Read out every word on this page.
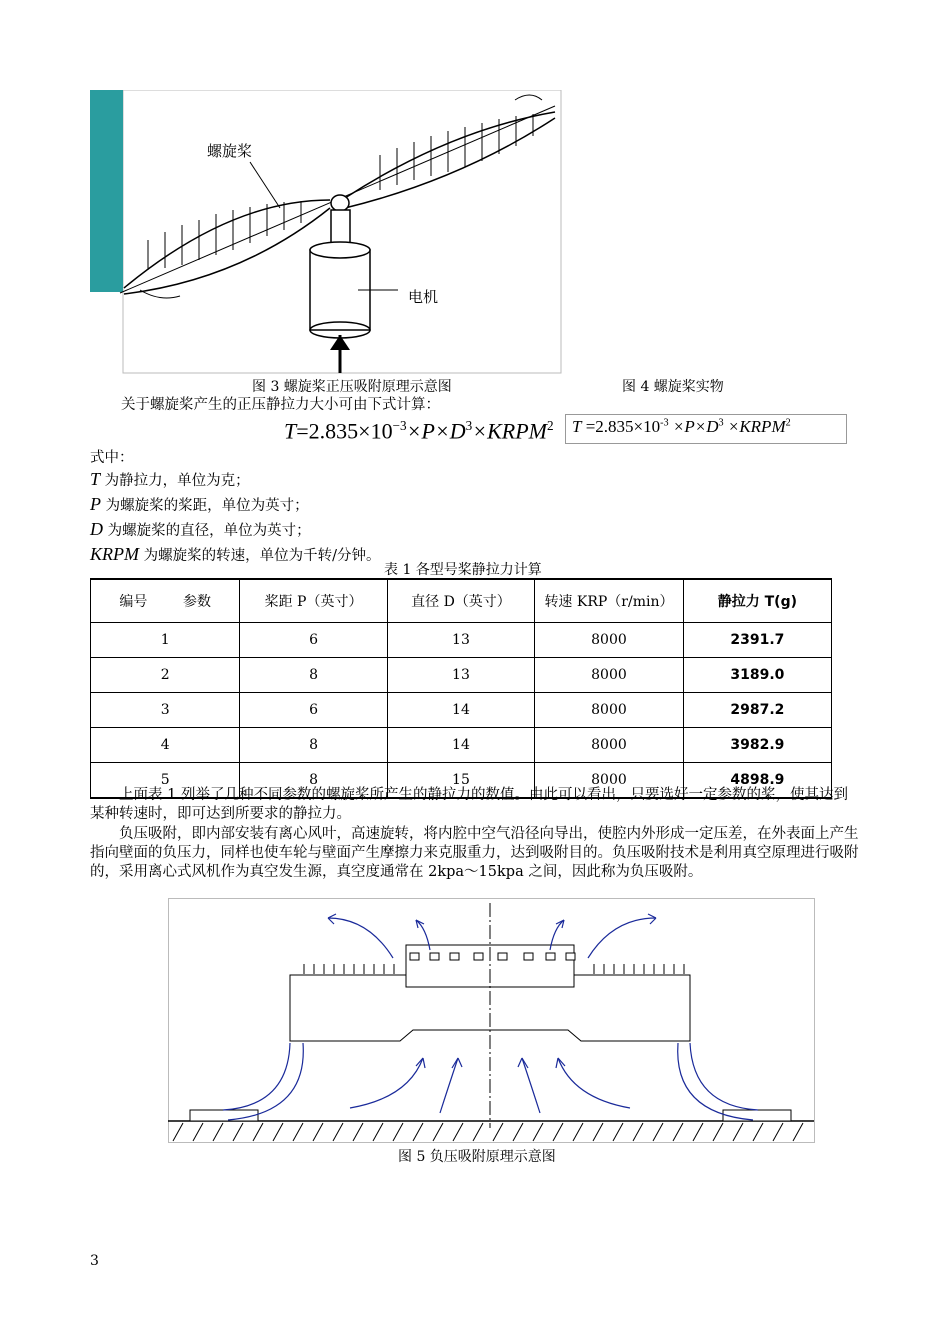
螺旋桨
电机
图 3 螺旋桨正压吸附原理示意图	图 4 螺旋桨实物
关于螺旋桨产生的正压静拉力大小可由下式计算：
$T=2.835\times 10^{-3}\times P\times D^3\times KRPM^2$	$T =2.835\times 10^{-3} \times P\times D^3$ $\times KRPM^2$
式中：
T 为静拉力，单位为克；
P 为螺旋桨的桨距，单位为英寸；
D 为螺旋桨的直径，单位为英寸；
KRPM 为螺旋桨的转速，单位为千转/分钟。
表 1 各型号桨静拉力计算
编号        参数	桨距 P（英寸）	直径 D（英寸）	转速 KRP（r/min）	静拉力 T(g)
1	6	13	8000	2391.7
2	8	13	8000	3189.0
3	6	14	8000	2987.2
4	8	14	8000	3982.9
5	8	15	8000	4898.9
上面表 1 列举了几种不同参数的螺旋桨所产生的静拉力的数值。由此可以看出，只要选好一定参数的桨，使其达到某种转速时，即可达到所要求的静拉力。
负压吸附，即内部安装有离心风叶，高速旋转，将内腔中空气沿径向导出，使腔内外形成一定压差，在外表面上产生指向壁面的负压力，同样也使车轮与壁面产生摩擦力来克服重力，达到吸附目的。负压吸附技术是利用真空原理进行吸附的，采用离心式风机作为真空发生源，真空度通常在 2kpa～15kpa 之间，因此称为负压吸附。
图 5 负压吸附原理示意图
3
